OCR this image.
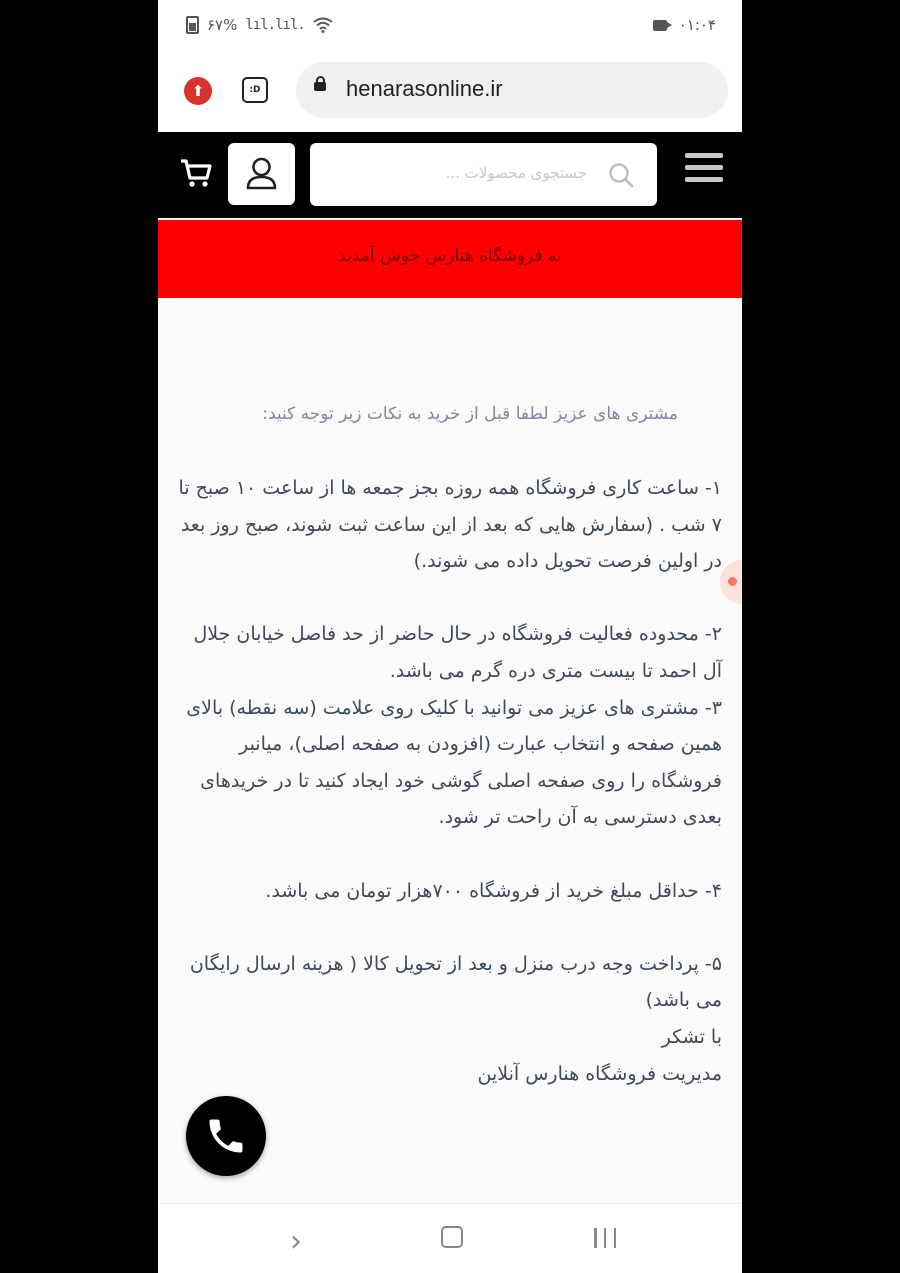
۶۷% lıl.lıl.	۰۱:۰۴
⬆	:D	henarasonline.ir
جستجوی محصولات ...
به فروشگاه هنارس خوش آمدید
مشتری های عزیز لطفا قبل از خرید به نکات زیر توجه کنید:

۱- ساعت کاری فروشگاه همه روزه بجز جمعه ها از ساعت ۱۰ صبح تا ۷ شب . (سفارش هایی که بعد از این ساعت ثبت شوند، صبح روز بعد در اولین فرصت تحویل داده می شوند.)

۲- محدوده فعالیت فروشگاه در حال حاضر از حد فاصل خیابان جلال آل احمد تا بیست متری دره گرم می باشد.

۳- مشتری های عزیز می توانید با کلیک روی علامت (سه نقطه) بالای همین صفحه و انتخاب عبارت (افزودن به صفحه اصلی)، میانبر فروشگاه را روی صفحه اصلی گوشی خود ایجاد کنید تا در خریدهای بعدی دسترسی به آن راحت تر شود.

۴- حداقل مبلغ خرید از فروشگاه ۷۰۰هزار تومان می باشد.

۵- پرداخت وجه درب منزل و بعد از تحویل کالا ( هزینه ارسال رایگان می باشد)

با تشکر

مدیریت فروشگاه هنارس آنلاین

›
